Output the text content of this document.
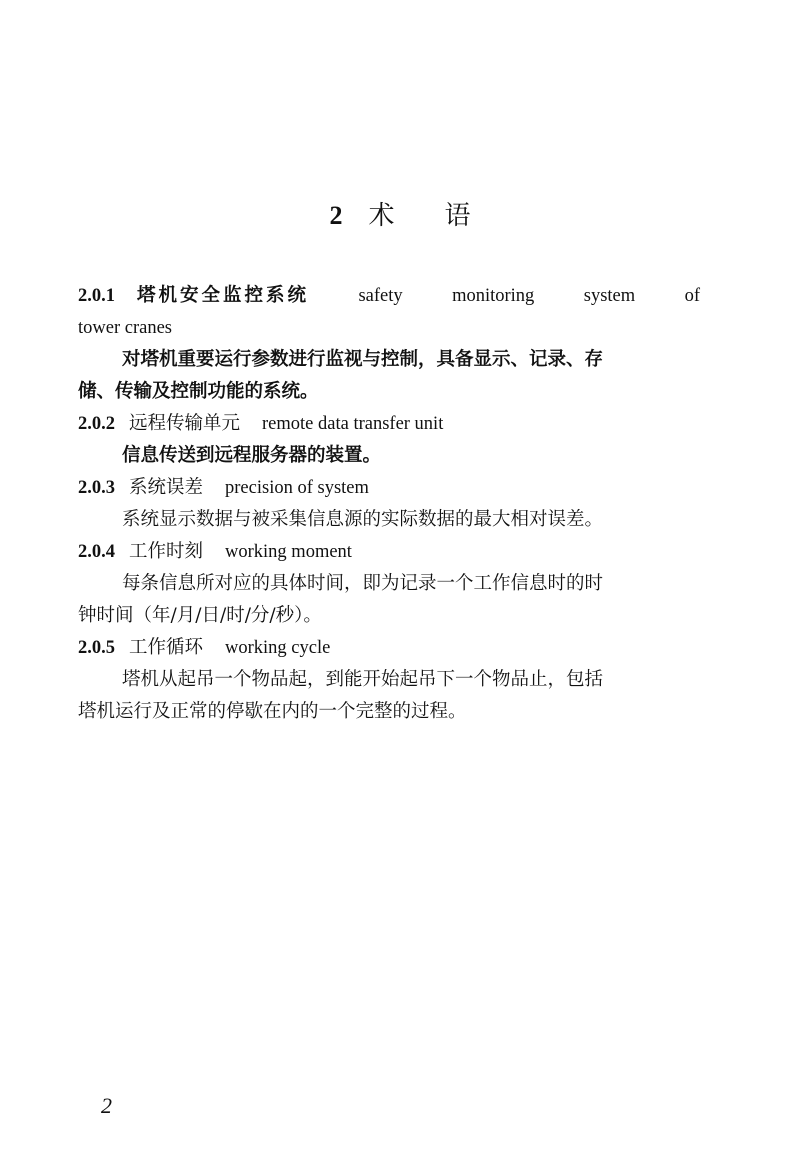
2 术 语
2.0.1 塔机安全监控系统	safety	monitoring	system	of
tower cranes
对塔机重要运行参数进行监视与控制，具备显示、记录、存
储、传输及控制功能的系统。
2.0.2 远程传输单元 remote data transfer unit
信息传送到远程服务器的装置。
2.0.3 系统误差 precision of system
系统显示数据与被采集信息源的实际数据的最大相对误差。
2.0.4 工作时刻 working moment
每条信息所对应的具体时间，即为记录一个工作信息时的时
钟时间（年/月/日/时/分/秒）。
2.0.5 工作循环 working cycle
塔机从起吊一个物品起，到能开始起吊下一个物品止，包括
塔机运行及正常的停歇在内的一个完整的过程。
2
